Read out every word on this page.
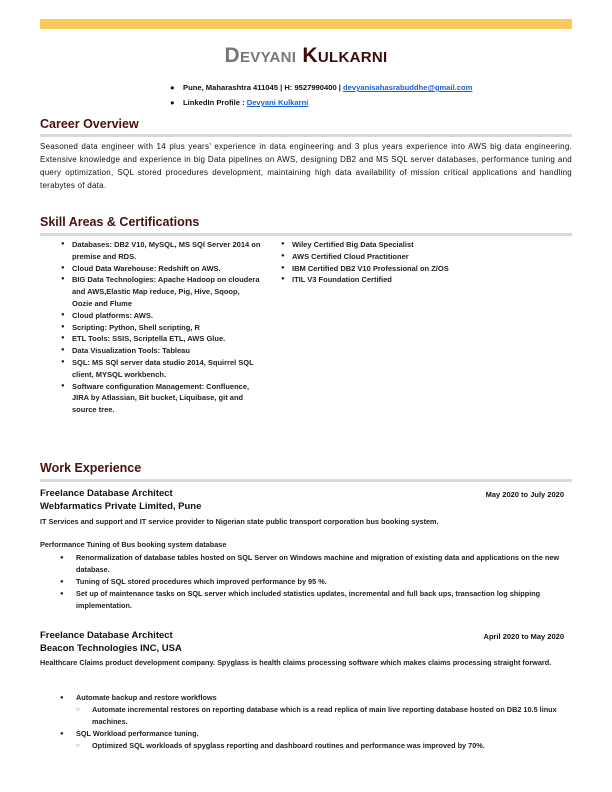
Devyani Kulkarni
● Pune, Maharashtra 411045 | H: 9527990400 | devyanisahasrabuddhe@gmail.com
● LinkedIn Profile : Devyani Kulkarni
Career Overview
Seasoned data engineer with 14 plus years’ experience in data engineering and 3 plus years experience into AWS big data engineering. Extensive knowledge and experience in big Data pipelines on AWS, designing DB2 and MS SQL server databases, performance tuning and query optimization, SQL stored procedures development, maintaining high data availability of mission critical applications and handling terabytes of data.
Skill Areas & Certifications
● Databases: DB2 V10, MySQL, MS SQl Server 2014 on premise and RDS.
● Cloud Data Warehouse: Redshift on AWS.
● BIG Data Technologies: Apache Hadoop on cloudera and AWS,Elastic Map reduce, Pig, Hive, Sqoop, Oozie and Flume
● Cloud platforms: AWS.
● Scripting: Python, Shell scripting, R
● ETL Tools: SSIS, Scriptella ETL, AWS Glue.
● Data Visualization Tools: Tableau
● SQL: MS SQl server data studio 2014, Squirrel SQL client, MYSQL workbench.
● Software configuration Management: Confluence, JIRA by Atlassian, Bit bucket, Liquibase, git and source tree.
● Wiley Certified Big Data Specialist
● AWS Certified Cloud Practitioner
● IBM Certified DB2 V10 Professional on Z/OS
● ITIL V3 Foundation Certified
Work Experience
Freelance Database Architect	May 2020 to July 2020
Webfarmatics Private Limited, Pune
IT Services and support and IT service provider to Nigerian state public transport corporation bus booking system.
Performance Tuning of Bus booking system database
● Renormalization of database tables hosted on SQL Server on Windows machine and migration of existing data and applications on the new database.
● Tuning of SQL stored procedures which improved performance by 95 %.
● Set up of maintenance tasks on SQL server which included statistics updates, incremental and full back ups, transaction log shipping implementation.
Freelance Database Architect	April 2020 to May 2020
Beacon Technologies INC, USA
Healthcare Claims product development company. Spyglass is health claims processing software which makes claims processing straight forward.
● Automate backup and restore workflows
○ Automate incremental restores on reporting database which is a read replica of main live reporting database hosted on DB2 10.5 linux machines.
● SQL Workload performance tuning.
○ Optimized SQL workloads of spyglass reporting and dashboard routines and performance was improved by 70%.
